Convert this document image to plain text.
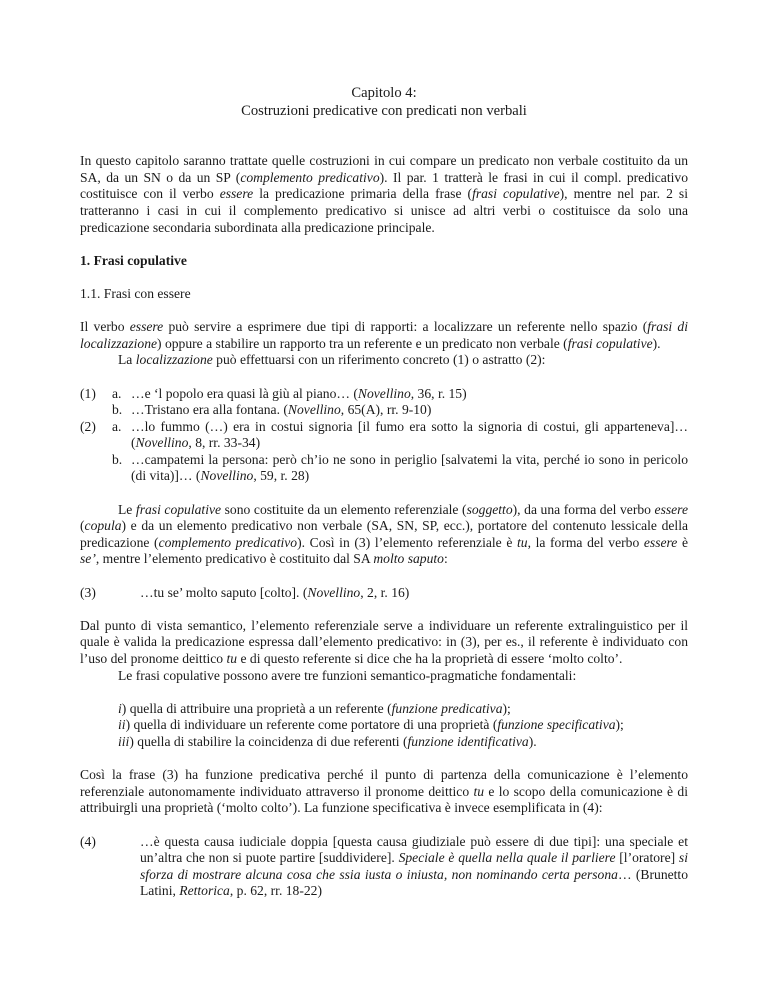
Capitolo 4:

Costruzioni predicative con predicati non verbali

In questo capitolo saranno trattate quelle costruzioni in cui compare un predicato non verbale costituito da un SA, da un SN o da un SP (complemento predicativo). Il par. 1 tratterà le frasi in cui il compl. predicativo costituisce con il verbo essere la predicazione primaria della frase (frasi copulative), mentre nel par. 2 si tratteranno i casi in cui il complemento predicativo si unisce ad altri verbi o costituisce da solo una predicazione secondaria subordinata alla predicazione principale.

1. Frasi copulative

1.1. Frasi con essere

Il verbo essere può servire a esprimere due tipi di rapporti: a localizzare un referente nello spazio (frasi di localizzazione) oppure a stabilire un rapporto tra un referente e un predicato non verbale (frasi copulative).

La localizzazione può effettuarsi con un riferimento concreto (1) o astratto (2):

(1)	a. …e ‘l popolo era quasi là giù al piano… (Novellino, 36, r. 15)
b. …Tristano era alla fontana. (Novellino, 65(A), rr. 9-10)
(2)	a. …lo fummo (…) era in costui signoria [il fumo era sotto la signoria di costui, gli apparteneva]… (Novellino, 8, rr. 33-34)
b. …campatemi la persona: però ch’io ne sono in periglio [salvatemi la vita, perché io sono in pericolo (di vita)]… (Novellino, 59, r. 28)

Le frasi copulative sono costituite da un elemento referenziale (soggetto), da una forma del verbo essere (copula) e da un elemento predicativo non verbale (SA, SN, SP, ecc.), portatore del contenuto lessicale della predicazione (complemento predicativo). Così in (3) l’elemento referenziale è tu, la forma del verbo essere è se’, mentre l’elemento predicativo è costituito dal SA molto saputo:

(3)	…tu se’ molto saputo [colto]. (Novellino, 2, r. 16)

Dal punto di vista semantico, l’elemento referenziale serve a individuare un referente extralinguistico per il quale è valida la predicazione espressa dall’elemento predicativo: in (3), per es., il referente è individuato con l’uso del pronome deittico tu e di questo referente si dice che ha la proprietà di essere ‘molto colto’.

Le frasi copulative possono avere tre funzioni semantico-pragmatiche fondamentali:

i) quella di attribuire una proprietà a un referente (funzione predicativa);

ii) quella di individuare un referente come portatore di una proprietà (funzione specificativa);

iii) quella di stabilire la coincidenza di due referenti (funzione identificativa).

Così la frase (3) ha funzione predicativa perché il punto di partenza della comunicazione è l’elemento referenziale autonomamente individuato attraverso il pronome deittico tu e lo scopo della comunicazione è di attribuirgli una proprietà (‘molto colto’). La funzione specificativa è invece esemplificata in (4):

(4)	…è questa causa iudiciale doppia [questa causa giudiziale può essere di due tipi]: una speciale et un’altra che non si puote partire [suddividere]. Speciale è quella nella quale il parliere [l’oratore] si sforza di mostrare alcuna cosa che ssia iusta o iniusta, non nominando certa persona… (Brunetto Latini, Rettorica, p. 62, rr. 18-22)
